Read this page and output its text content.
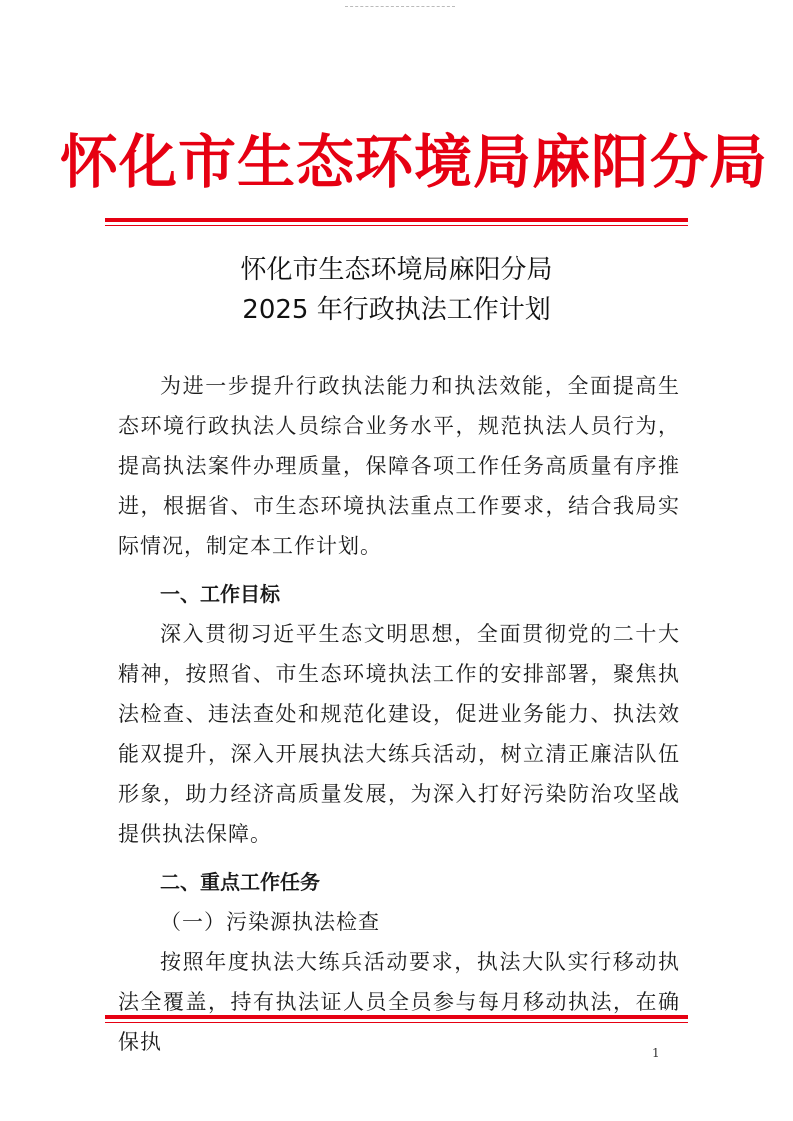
怀化市生态环境局麻阳分局
怀化市生态环境局麻阳分局
2025 年行政执法工作计划

为进一步提升行政执法能力和执法效能，全面提高生态环境行政执法人员综合业务水平，规范执法人员行为，提高执法案件办理质量，保障各项工作任务高质量有序推进，根据省、市生态环境执法重点工作要求，结合我局实际情况，制定本工作计划。

一、工作目标

深入贯彻习近平生态文明思想，全面贯彻党的二十大精神，按照省、市生态环境执法工作的安排部署，聚焦执法检查、违法查处和规范化建设，促进业务能力、执法效能双提升，深入开展执法大练兵活动，树立清正廉洁队伍形象，助力经济高质量发展，为深入打好污染防治攻坚战提供执法保障。

二、重点工作任务

（一）污染源执法检查

按照年度执法大练兵活动要求，执法大队实行移动执法全覆盖，持有执法证人员全员参与每月移动执法，在确保执	1
